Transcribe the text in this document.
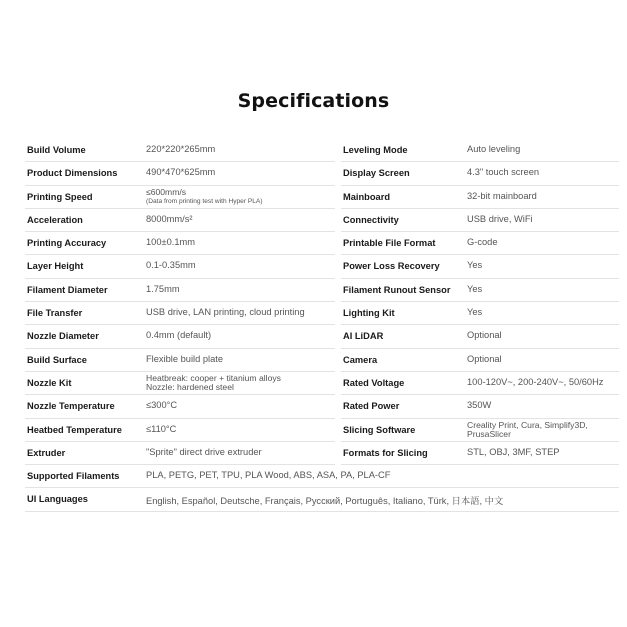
Specifications
Build Volume	220*220*265mm
Product Dimensions	490*470*625mm
Printing Speed	≤600mm/s
(Data from printing test with Hyper PLA)
Acceleration	8000mm/s²
Printing Accuracy	100±0.1mm
Layer Height	0.1-0.35mm
Filament Diameter	1.75mm
File Transfer	USB drive, LAN printing, cloud printing
Nozzle Diameter	0.4mm (default)
Build Surface	Flexible build plate
Nozzle Kit	Heatbreak: cooper + titanium alloys
Nozzle: hardened steel
Nozzle Temperature	≤300°C
Heatbed Temperature	≤110°C
Extruder	"Sprite" direct drive extruder
Supported Filaments	PLA, PETG, PET, TPU, PLA Wood, ABS, ASA, PA, PLA-CF
UI Languages	English, Español, Deutsche, Français, Русский, Português, Italiano, Türk, 日本語, 中文
Leveling Mode	Auto leveling
Display Screen	4.3" touch screen
Mainboard	32-bit mainboard
Connectivity	USB drive, WiFi
Printable File Format	G-code
Power Loss Recovery	Yes
Filament Runout Sensor Yes
Lighting Kit	Yes
AI LiDAR	Optional
Camera	Optional
Rated Voltage	100-120V~, 200-240V~, 50/60Hz
Rated Power	350W
Slicing Software	Creality Print, Cura, Simplify3D,
PrusaSlicer
Formats for Slicing	STL, OBJ, 3MF, STEP
